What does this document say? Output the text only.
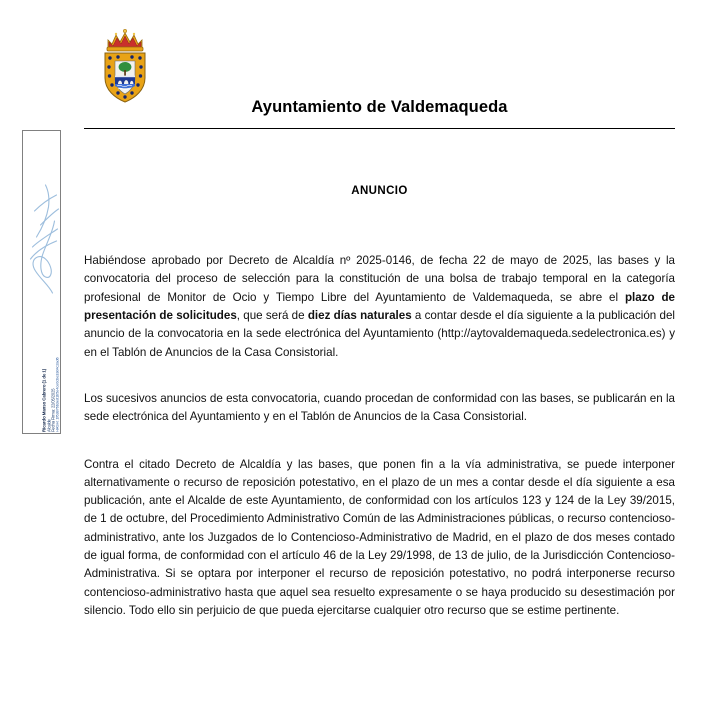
Ricardo Manso Cabrero (1 de 1) Alcalde Fecha Firma: 22/05/2025 HASH: 1f63876b3ed1b5e4ce0cbe33d4c2ad6
Ayuntamiento de Valdemaqueda
ANUNCIO

Habiéndose aprobado por Decreto de Alcaldía nº 2025-0146, de fecha 22 de mayo de 2025, las bases y la convocatoria del proceso de selección para la constitución de una bolsa de trabajo temporal en la categoría profesional de Monitor de Ocio y Tiempo Libre del Ayuntamiento de Valdemaqueda, se abre el plazo de presentación de solicitudes, que será de diez días naturales a contar desde el día siguiente a la publicación del anuncio de la convocatoria en la sede electrónica del Ayuntamiento (http://aytovaldemaqueda.sedelectronica.es) y en el Tablón de Anuncios de la Casa Consistorial.

Los sucesivos anuncios de esta convocatoria, cuando procedan de conformidad con las bases, se publicarán en la sede electrónica del Ayuntamiento y en el Tablón de Anuncios de la Casa Consistorial.

Contra el citado Decreto de Alcaldía y las bases, que ponen fin a la vía administrativa, se puede interponer alternativamente o recurso de reposición potestativo, en el plazo de un mes a contar desde el día siguiente a esa publicación, ante el Alcalde de este Ayuntamiento, de conformidad con los artículos 123 y 124 de la Ley 39/2015, de 1 de octubre, del Procedimiento Administrativo Común de las Administraciones públicas, o recurso contencioso-administrativo, ante los Juzgados de lo Contencioso-Administrativo de Madrid, en el plazo de dos meses contado de igual forma, de conformidad con el artículo 46 de la Ley 29/1998, de 13 de julio, de la Jurisdicción Contencioso-Administrativa. Si se optara por interponer el recurso de reposición potestativo, no podrá interponerse recurso contencioso-administrativo hasta que aquel sea resuelto expresamente o se haya producido su desestimación por silencio. Todo ello sin perjuicio de que pueda ejercitarse cualquier otro recurso que se estime pertinente.
